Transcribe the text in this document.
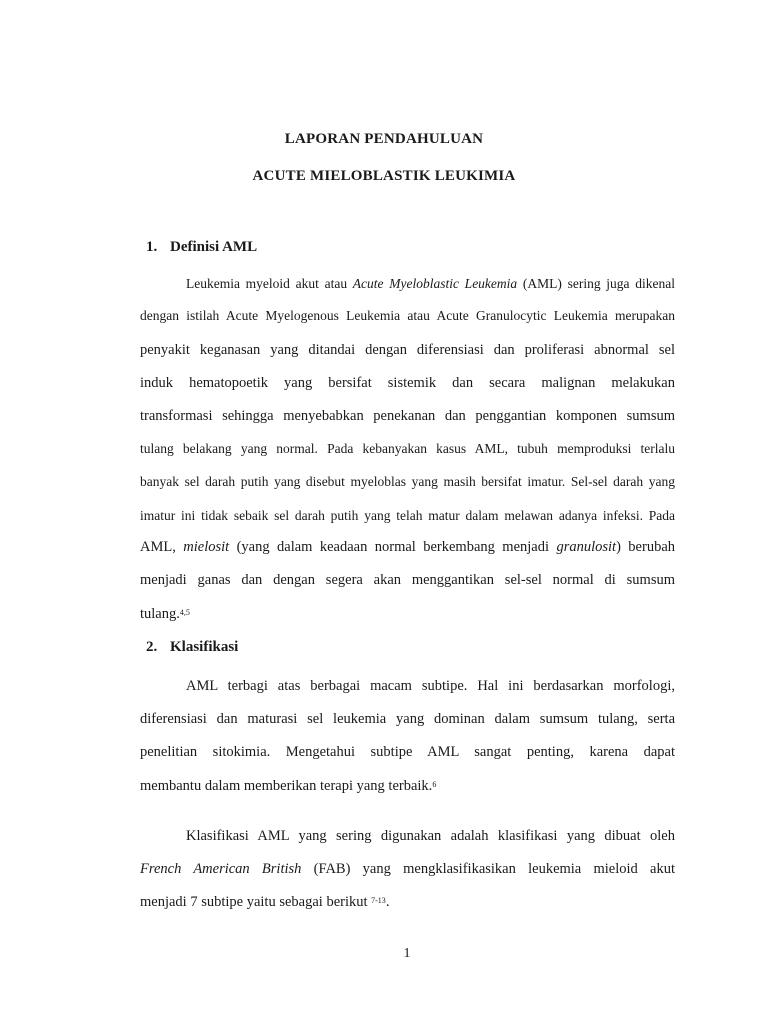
LAPORAN PENDAHULUAN
ACUTE MIELOBLASTIK LEUKIMIA
1. Definisi AML
Leukemia myeloid akut atau Acute Myeloblastic Leukemia (AML) sering juga dikenal
dengan istilah Acute Myelogenous Leukemia atau Acute Granulocytic Leukemia merupakan
penyakit keganasan yang ditandai dengan diferensiasi dan proliferasi abnormal sel
induk hematopoetik yang bersifat sistemik dan secara malignan melakukan
transformasi sehingga menyebabkan penekanan dan penggantian komponen sumsum
tulang belakang yang normal. Pada kebanyakan kasus AML, tubuh memproduksi terlalu
banyak sel darah putih yang disebut myeloblas yang masih bersifat imatur. Sel-sel darah yang
imatur ini tidak sebaik sel darah putih yang telah matur dalam melawan adanya infeksi. Pada
AML, mielosit (yang dalam keadaan normal berkembang menjadi granulosit) berubah
menjadi ganas dan dengan segera akan menggantikan sel-sel normal di sumsum
tulang.$^{4,5}$
2. Klasifikasi
AML terbagi atas berbagai macam subtipe. Hal ini berdasarkan morfologi,
diferensiasi dan maturasi sel leukemia yang dominan dalam sumsum tulang, serta
penelitian sitokimia. Mengetahui subtipe AML sangat penting, karena dapat
membantu dalam memberikan terapi yang terbaik.$^6$
Klasifikasi AML yang sering digunakan adalah klasifikasi yang dibuat oleh
French American British (FAB) yang mengklasifikasikan leukemia mieloid akut
menjadi 7 subtipe yaitu sebagai berikut $^{7-13}$.
1
